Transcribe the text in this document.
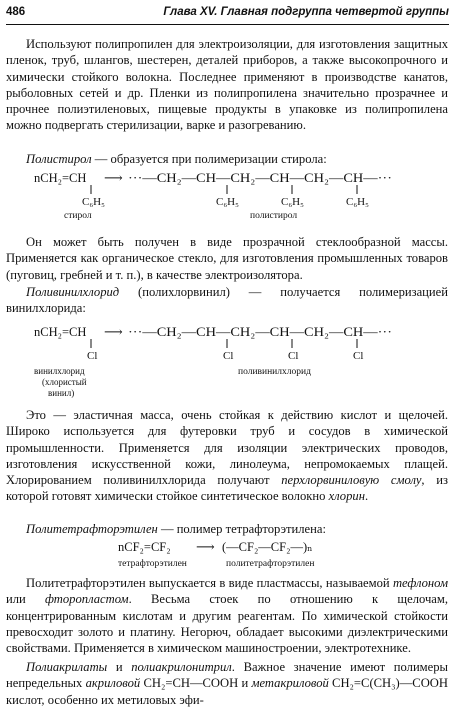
486	Глава XV. Главная подгруппа четвертой группы
Используют полипропилен для электроизоляции, для изготовления защитных пленок, труб, шлангов, шестерен, деталей приборов, а также высокопрочного и химически стойкого волокна. Последнее применяют в производстве канатов, рыболовных сетей и др. Пленки из полипропилена значительно прозрачнее и прочнее полиэтиленовых, пищевые продукты в упаковке из полипропилена можно подвергать стерилизации, варке и разогреванию.
Полистирол — образуется при полимеризации стирола:
nCH₂=CH
C₆H₅
⟶ ···—CH₂—CH—CH₂—CH—CH₂—CH—···
C₆H₅	C₆H₅	C₆H₅
стирол	полистирол
Он может быть получен в виде прозрачной стеклообразной массы. Применяется как органическое стекло, для изготовления промышленных товаров (пуговиц, гребней и т. п.), в качестве электроизолятора.
Поливинилхлорид (полихлорвинил) — получается полимеризацией винилхлорида:
nCH₂=CH
Cl
⟶ ···—CH₂—CH—CH₂—CH—CH₂—CH—···
Cl	Cl	Cl
винилхлорид
(хлористый
винил)
поливинилхлорид
Это — эластичная масса, очень стойкая к действию кислот и щелочей. Широко используется для футеровки труб и сосудов в химической промышленности. Применяется для изоляции электрических проводов, изготовления искусственной кожи, линолеума, непромокаемых плащей. Хлорированием поливинилхлорида получают перхлорвиниловую смолу, из которой готовят химически стойкое синтетическое волокно хлорин.
Политетрафторэтилен — полимер тетрафторэтилена:
nCF₂=CF₂ ⟶ (—CF₂—CF₂—)ₙ
тетрафторэтилен	политетрафторэтилен
Политетрафторэтилен выпускается в виде пластмассы, называемой тефлоном или фторопластом. Весьма стоек по отношению к щелочам, концентрированным кислотам и другим реагентам. По химической стойкости превосходит золото и платину. Негорюч, обладает высокими диэлектрическими свойствами. Применяется в химическом машиностроении, электротехнике.
Полиакрилаты и полиакрилонитрил. Важное значение имеют полимеры непредельных акриловой CH₂=CH—COOH и метакриловой CH₂=C(CH₃)—COOH кислот, особенно их метиловых эфи-
